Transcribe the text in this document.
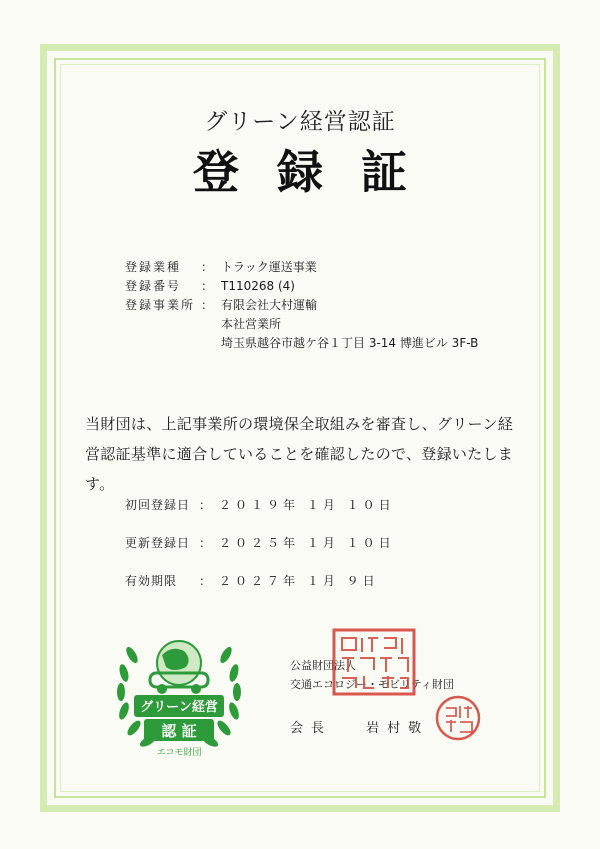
グリーン経営認証
登録証
登録業種	： トラック運送事業
登録番号	： T110268 (4)
登録事業所 ： 有限会社大村運輸
本社営業所
埼玉県越谷市越ケ谷１丁目 3-14 博進ビル 3F-B
当財団は、上記事業所の環境保全取組みを審査し、グリーン経営認証基準に適合していることを確認したので、登録いたします。
初回登録日 ： ２０１９年 １月 １０日
更新登録日 ： ２０２５年 １月 １０日
有効期限	： ２０２７年 １月 ９日
グリーン経営
認 証
エコモ財団
公益財団法人
交通エコロジー・モビリティ財団
会長	岩村敬
